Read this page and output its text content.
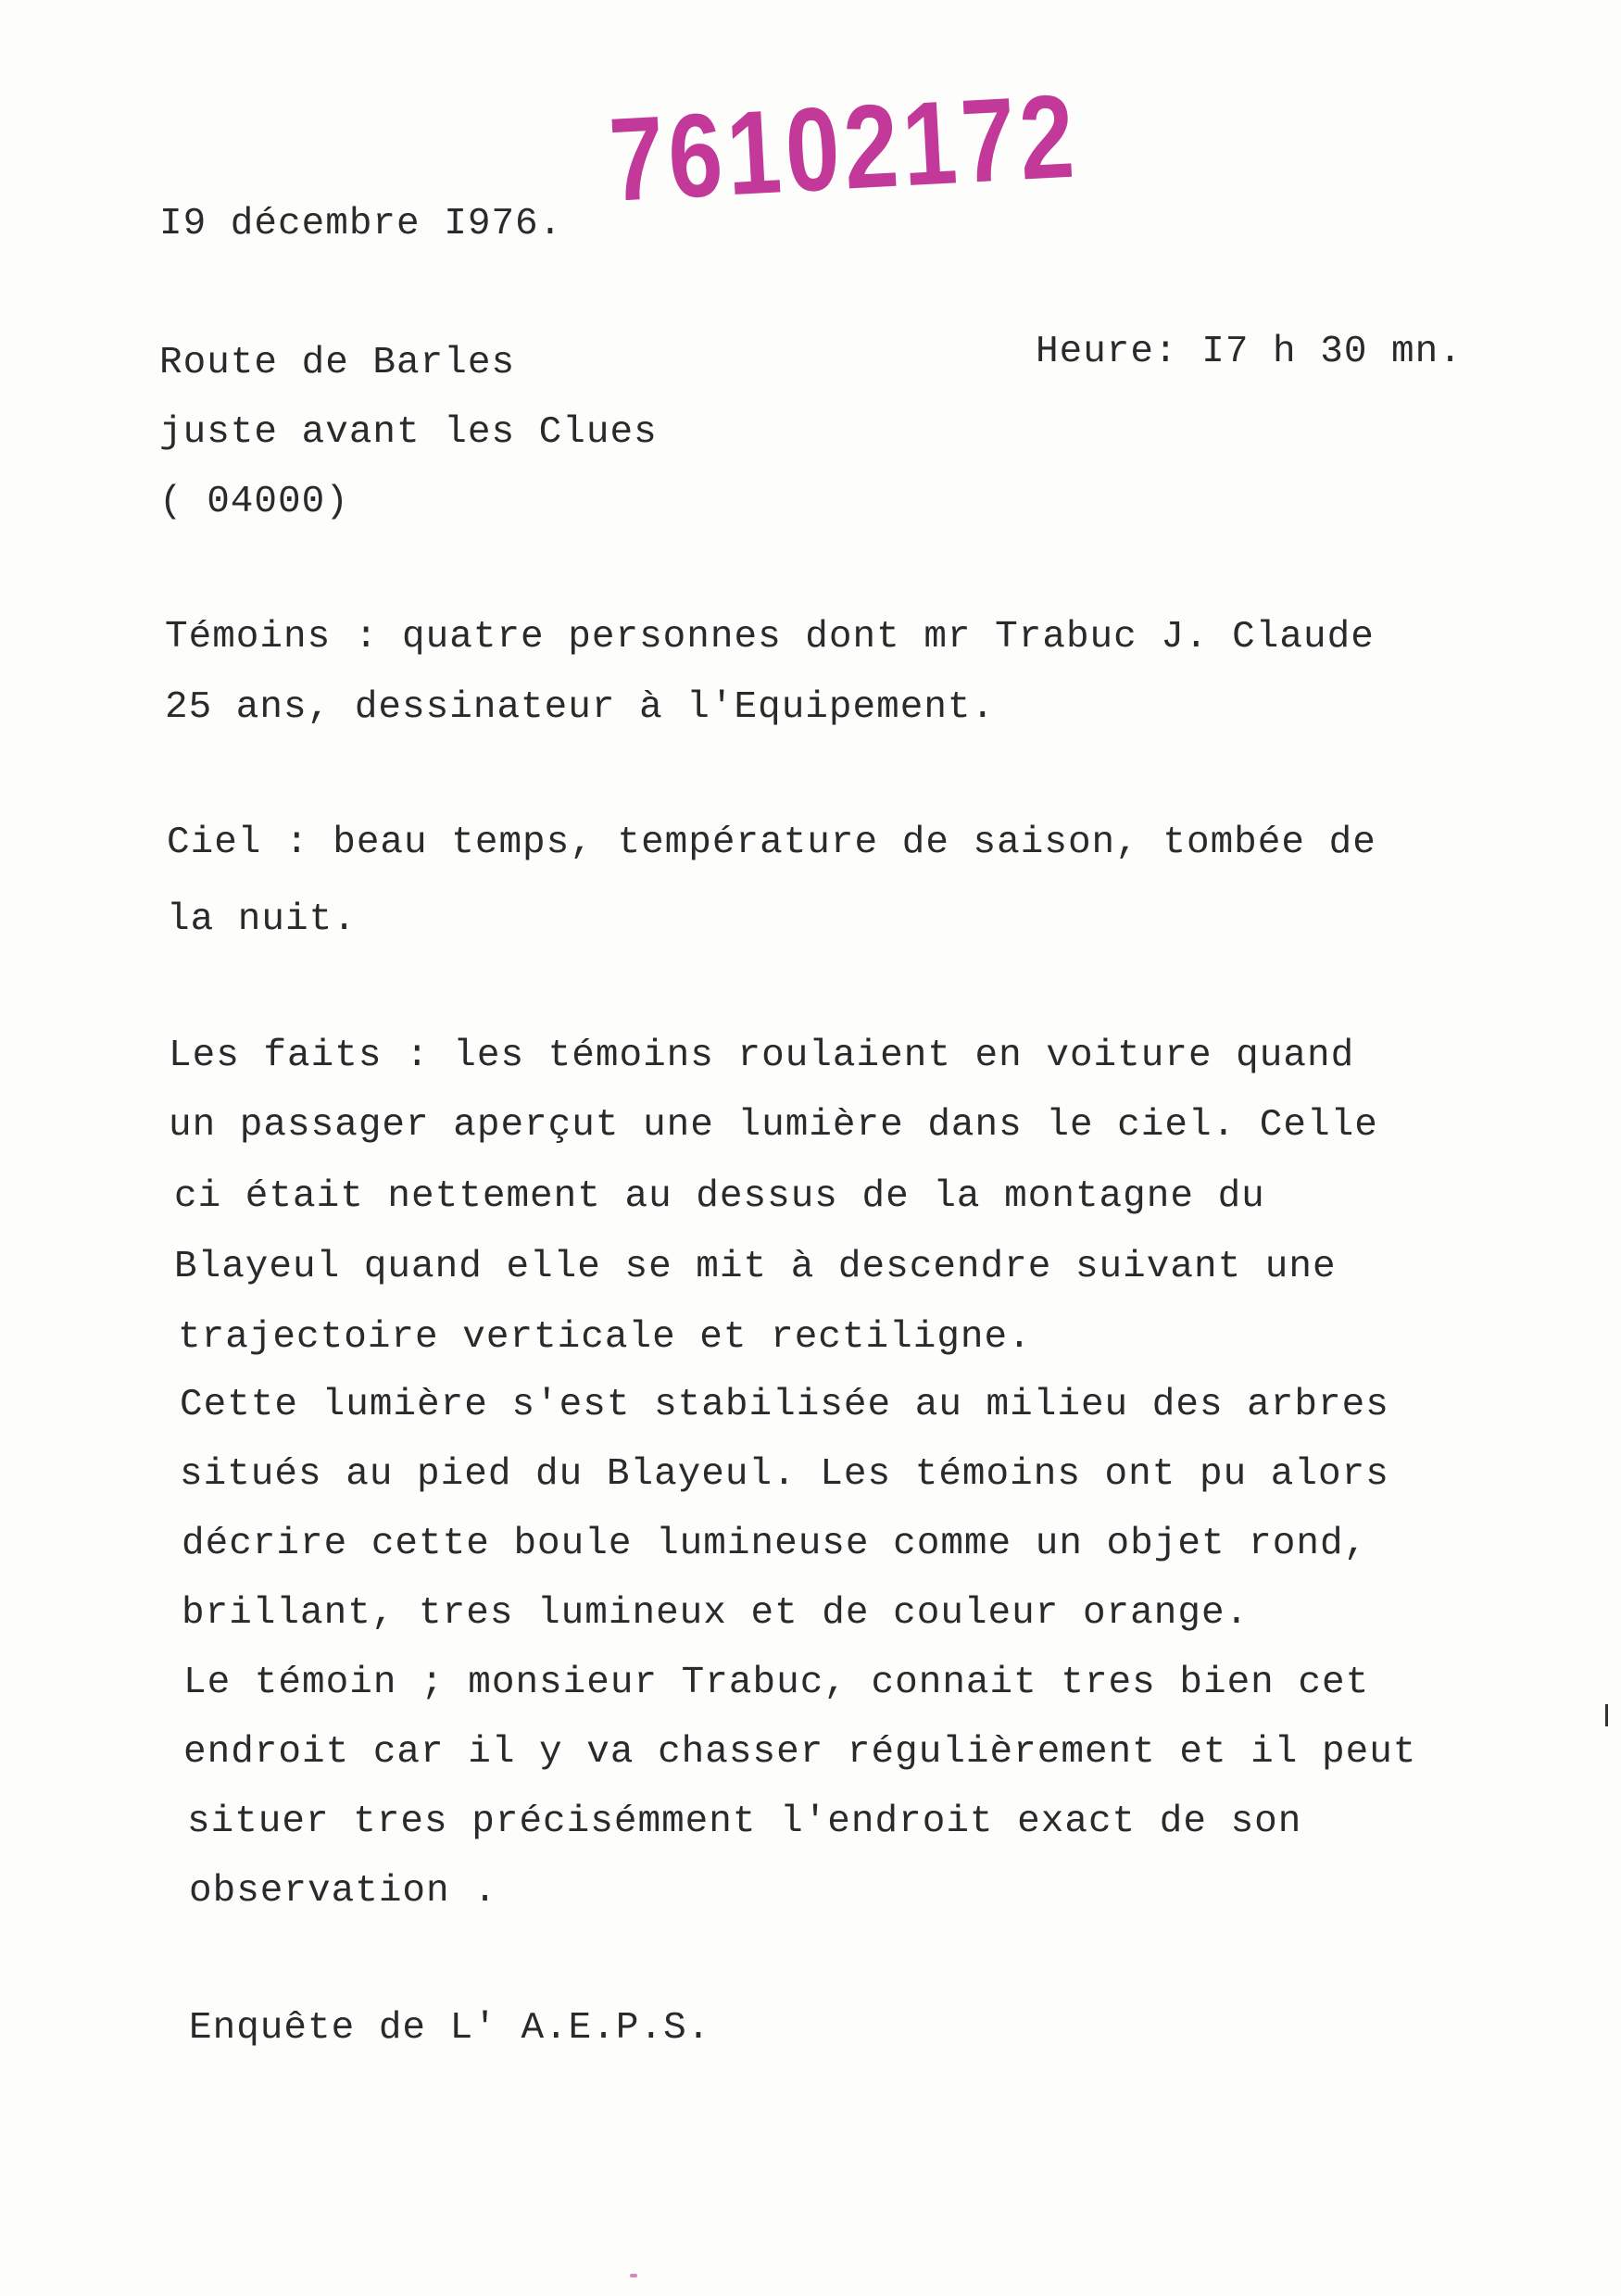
I9 décembre I976. 76102172
Route de Barles	Heure: I7 h 30 mn.
juste avant les Clues
( 04000)
Témoins : quatre personnes dont mr Trabuc J. Claude
25 ans, dessinateur à l'Equipement.
Ciel : beau temps, température de saison, tombée de
la nuit.
Les faits : les témoins roulaient en voiture quand
un passager aperçut une lumière dans le ciel. Celle
ci était nettement au dessus de la montagne du
Blayeul quand elle se mit à descendre suivant une
trajectoire verticale et rectiligne.
Cette lumière s'est stabilisée au milieu des arbres
situés au pied du Blayeul. Les témoins ont pu alors
décrire cette boule lumineuse comme un objet rond,
brillant, tres lumineux et de couleur orange.
Le témoin ; monsieur Trabuc, connait tres bien cet
endroit car il y va chasser régulièrement et il peut
situer tres précisémment l'endroit exact de son
observation .
Enquête de L' A.E.P.S.
